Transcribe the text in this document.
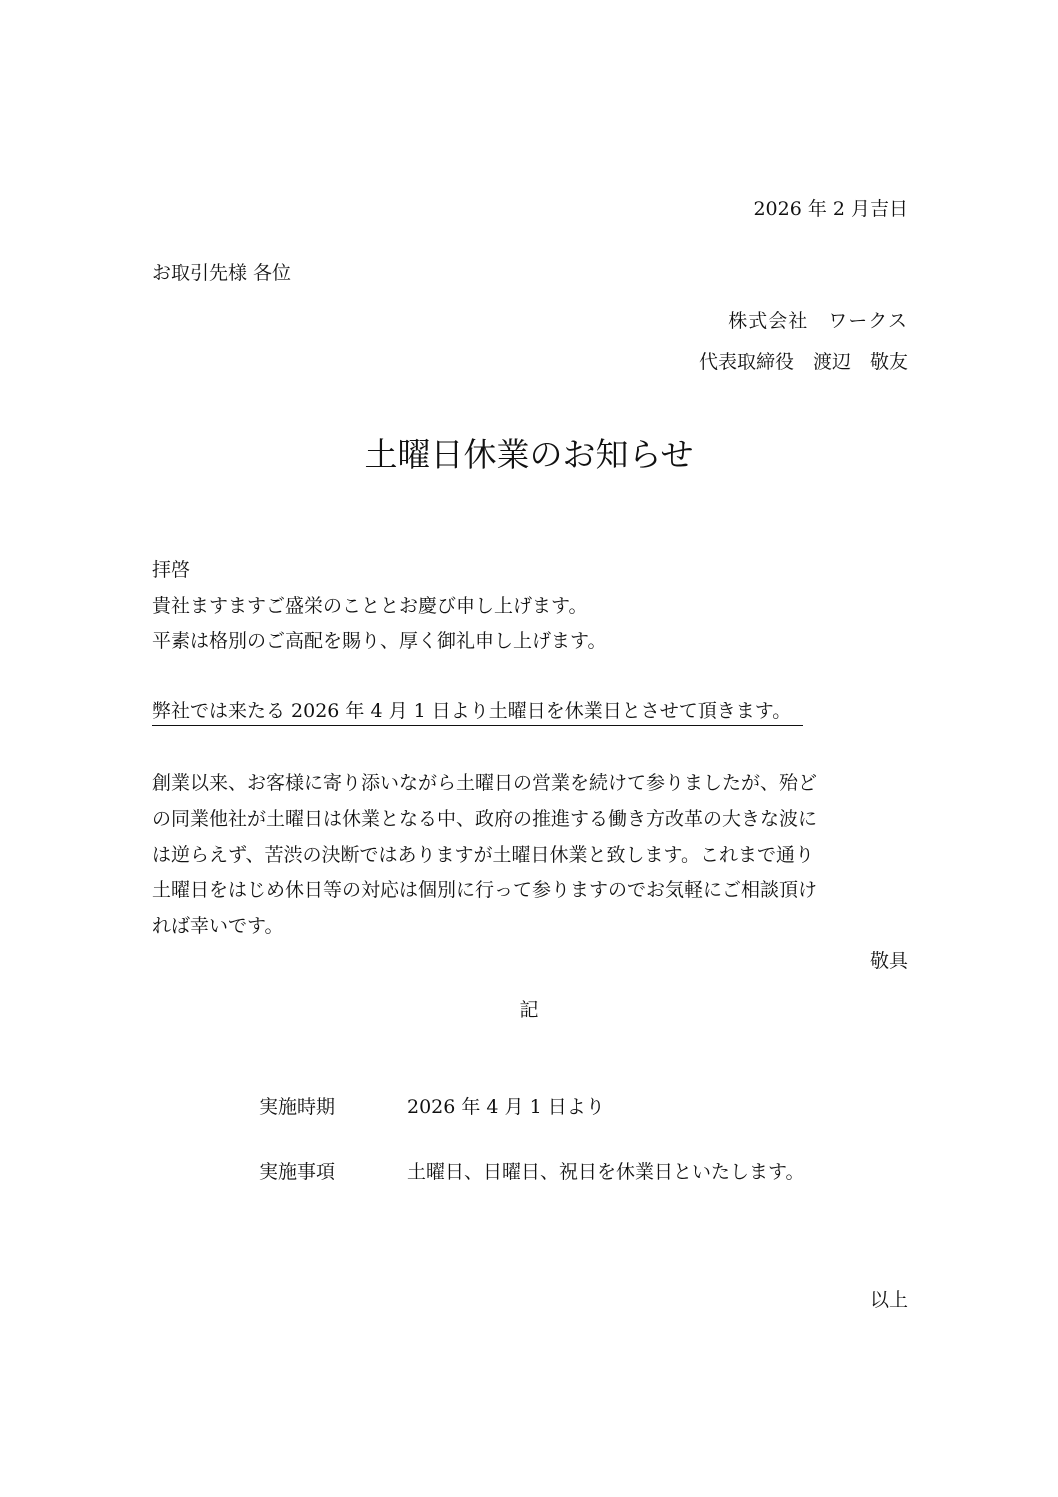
2026 年 2 月吉日
お取引先様 各位
株式会社　ワークス
代表取締役　渡辺　敬友
土曜日休業のお知らせ
拝啓
貴社ますますご盛栄のこととお慶び申し上げます。
平素は格別のご高配を賜り、厚く御礼申し上げます。
弊社では来たる 2026 年 4 月 1 日より土曜日を休業日とさせて頂きます。
創業以来、お客様に寄り添いながら土曜日の営業を続けて参りましたが、殆ど
の同業他社が土曜日は休業となる中、政府の推進する働き方改革の大きな波に
は逆らえず、苦渋の決断ではありますが土曜日休業と致します。これまで通り
土曜日をはじめ休日等の対応は個別に行って参りますのでお気軽にご相談頂け
れば幸いです。
敬具
記
実施時期	2026 年 4 月 1 日より
実施事項	土曜日、日曜日、祝日を休業日といたします。
以上
